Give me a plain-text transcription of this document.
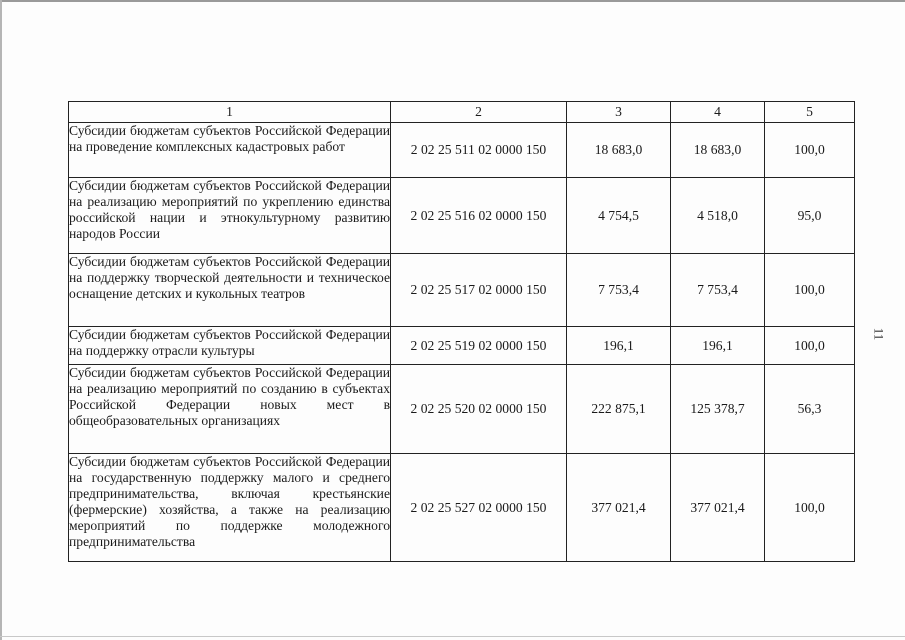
1	2	3	4	5
Субсидии бюджетам субъектов Российской Федерации на проведение комплексных кадастровых работ	2 02 25 511 02 0000 150	18 683,0	18 683,0	100,0
Субсидии бюджетам субъектов Российской Федерации на реализацию мероприятий по укреплению единства российской нации и этнокультурному развитию народов России	2 02 25 516 02 0000 150	4 754,5	4 518,0	95,0
Субсидии бюджетам субъектов Российской Федерации на поддержку творческой деятельности и техническое оснащение детских и кукольных театров	2 02 25 517 02 0000 150	7 753,4	7 753,4	100,0
Субсидии бюджетам субъектов Российской Федерации на поддержку отрасли культуры	2 02 25 519 02 0000 150	196,1	196,1	100,0
Субсидии бюджетам субъектов Российской Федерации на реализацию мероприятий по созданию в субъектах Российской Федерации новых мест в общеобразовательных организациях	2 02 25 520 02 0000 150	222 875,1	125 378,7	56,3
Субсидии бюджетам субъектов Российской Федерации на государственную поддержку малого и среднего предпринимательства, включая крестьянские (фермерские) хозяйства, а также на реализацию мероприятий по поддержке молодежного предпринимательства	2 02 25 527 02 0000 150	377 021,4	377 021,4	100,0
11
